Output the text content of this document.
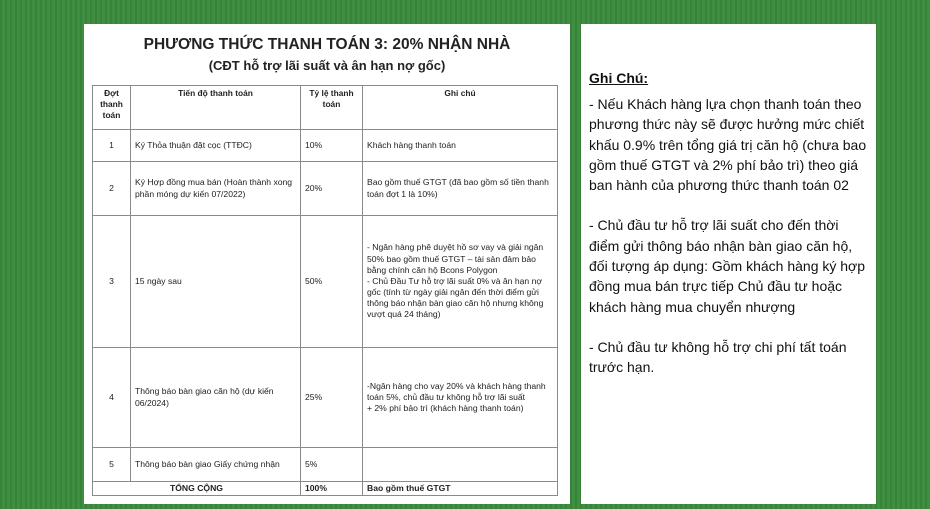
PHƯƠNG THỨC THANH TOÁN 3: 20% NHẬN NHÀ
(CĐT hỗ trợ lãi suất và ân hạn nợ gốc)
Đợt thanh toán	Tiến độ thanh toán	Tỷ lệ thanh toán	Ghi chú
1	Ký Thỏa thuận đặt cọc (TTĐC)	10%	Khách hàng thanh toán
2	Ký Hợp đồng mua bán (Hoàn thành xong phần móng dự kiến 07/2022)	20%	Bao gồm thuế GTGT (đã bao gồm số tiền thanh toán đợt 1 là 10%)
3	15 ngày sau	50%	- Ngân hàng phê duyệt hồ sơ vay và giải ngân 50% bao gồm thuế GTGT – tài sản đảm bảo bằng chính căn hộ Bcons Polygon
- Chủ Đầu Tư hỗ trợ lãi suất 0% và ân hạn nợ gốc (tính từ ngày giải ngân đến thời điểm gửi thông báo nhận bàn giao căn hộ nhưng không vượt quá 24 tháng)
4	Thông báo bàn giao căn hộ (dự kiến 06/2024)	25%	-Ngân hàng cho vay 20% và khách hàng thanh toán 5%, chủ đầu tư không hỗ trợ lãi suất
+ 2% phí bảo trì (khách hàng thanh toán)
5	Thông báo bàn giao Giấy chứng nhận	5%	
TỔNG CỘNG		100%	Bao gồm thuế GTGT
Ghi Chú:

- Nếu Khách hàng lựa chọn thanh toán theo phương thức này sẽ được hưởng mức chiết khấu 0.9% trên tổng giá trị căn hộ (chưa bao gồm thuế GTGT và 2% phí bảo trì) theo giá ban hành của phương thức thanh toán 02

- Chủ đầu tư hỗ trợ lãi suất cho đến thời điểm gửi thông báo nhận bàn giao căn hộ, đối tượng áp dụng: Gồm khách hàng ký hợp đồng mua bán trực tiếp Chủ đầu tư hoặc khách hàng mua chuyển nhượng

- Chủ đầu tư không hỗ trợ chi phí tất toán trước hạn.
